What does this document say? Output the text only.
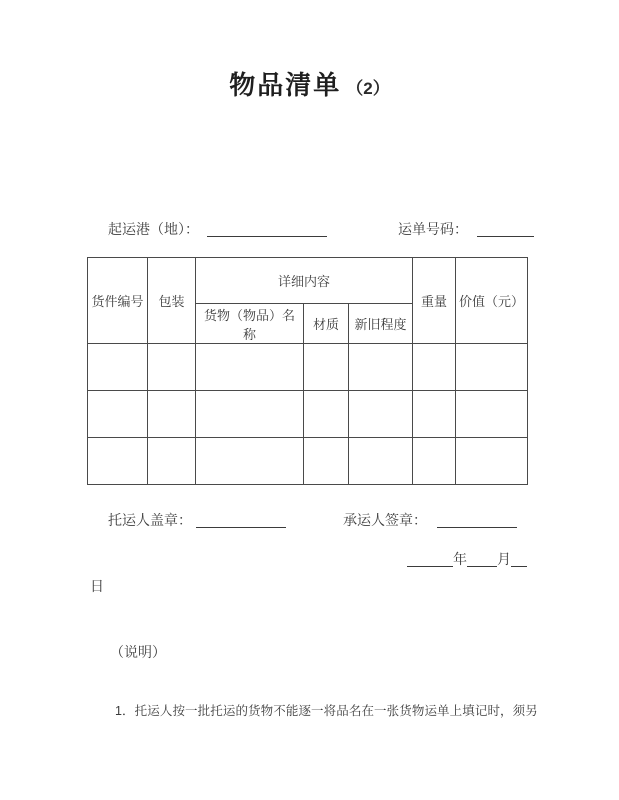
物品清单 （2）
起运港（地）：	运单号码：
货件编号	包装	详细内容			重量	价值（元）
		货物（物品）名称	材质	新旧程度		

托运人盖章：	承运人签章：
年 月
日
（说明）
1．托运人按一批托运的货物不能逐一将品名在一张货物运单上填记时，须另
